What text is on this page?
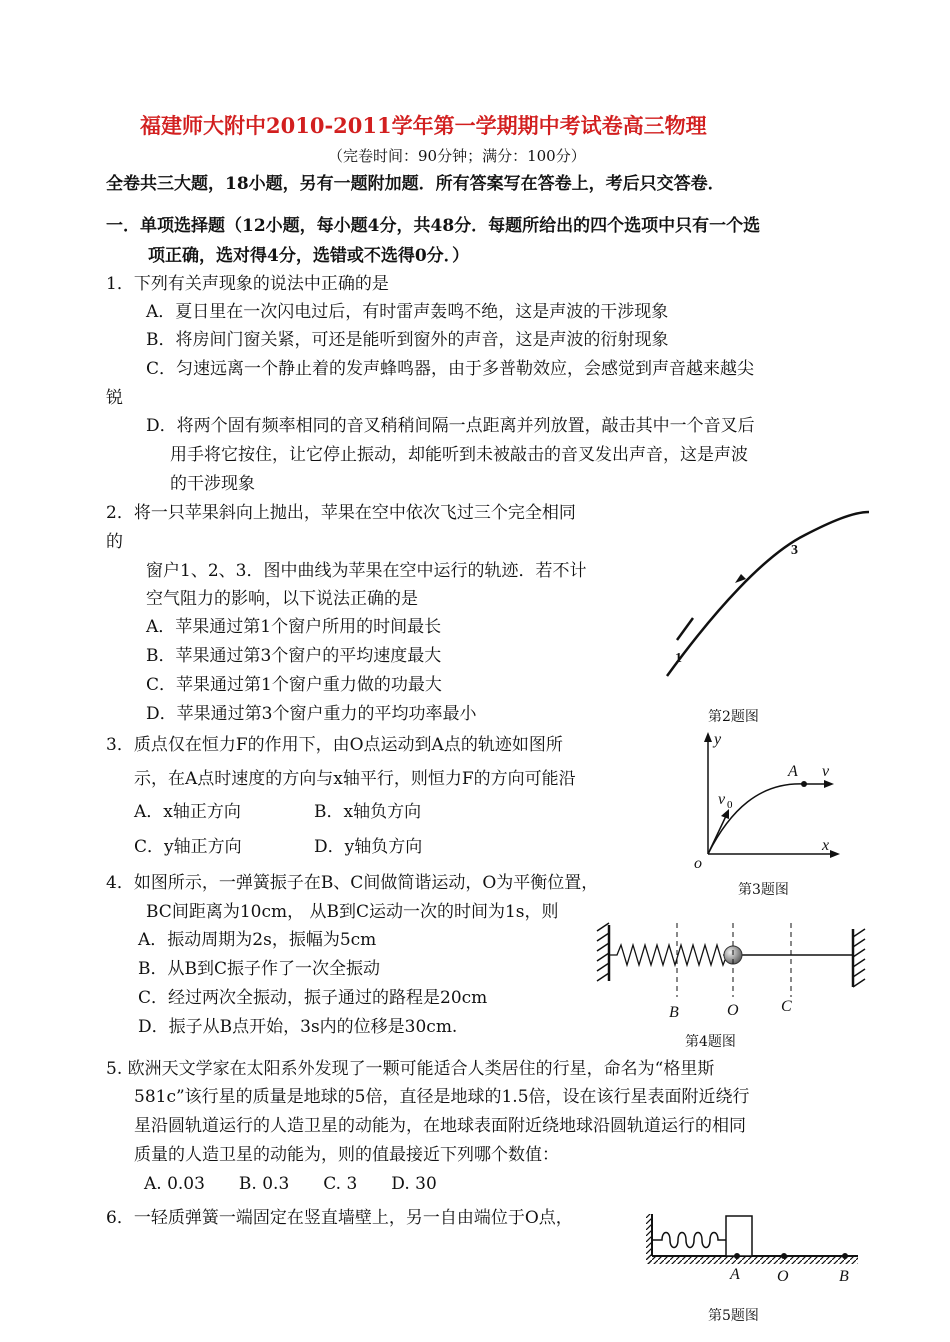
福建师大附中2010-2011学年第一学期期中考试卷高三物理
（完卷时间：90分钟；满分：100分）
全卷共三大题，18小题，另有一题附加题．所有答案写在答卷上，考后只交答卷．
一．单项选择题（12小题，每小题4分，共48分．每题所给出的四个选项中只有一个选
项正确，选对得4分，选错或不选得0分．）
1．下列有关声现象的说法中正确的是
A．夏日里在一次闪电过后，有时雷声轰鸣不绝，这是声波的干涉现象
B．将房间门窗关紧，可还是能听到窗外的声音，这是声波的衍射现象
C．匀速远离一个静止着的发声蜂鸣器，由于多普勒效应，会感觉到声音越来越尖
锐
D．将两个固有频率相同的音叉稍稍间隔一点距离并列放置，敲击其中一个音叉后
用手将它按住，让它停止振动，却能听到未被敲击的音叉发出声音，这是声波
的干涉现象
2．将一只苹果斜向上抛出，苹果在空中依次飞过三个完全相同
的
窗户1、2、3．图中曲线为苹果在空中运行的轨迹．若不计
空气阻力的影响，以下说法正确的是
A．苹果通过第1个窗户所用的时间最长
B．苹果通过第3个窗户的平均速度最大
C．苹果通过第1个窗户重力做的功最大
D．苹果通过第3个窗户重力的平均功率最小
1
3
第2题图
3．质点仅在恒力F的作用下，由O点运动到A点的轨迹如图所
示，在A点时速度的方向与x轴平行，则恒力F的方向可能沿
A．x轴正方向	B．x轴负方向
C．y轴正方向	D．y轴负方向
y
x
o
A v
v 0
第3题图
4．如图所示，一弹簧振子在B、C间做简谐运动，O为平衡位置，
BC间距离为10cm， 从B到C运动一次的时间为1s，则
A．振动周期为2s，振幅为5cm
B．从B到C振子作了一次全振动
C．经过两次全振动，振子通过的路程是20cm
D．振子从B点开始，3s内的位移是30cm.
B	O	C
第4题图
5. 欧洲天文学家在太阳系外发现了一颗可能适合人类居住的行星，命名为“格里斯
581c”该行星的质量是地球的5倍，直径是地球的1.5倍，设在该行星表面附近绕行
星沿圆轨道运行的人造卫星的动能为，在地球表面附近绕地球沿圆轨道运行的相同
质量的人造卫星的动能为，则的值最接近下列哪个数值：
A. 0.03　　B. 0.3　　C. 3　　D. 30
6．一轻质弹簧一端固定在竖直墙壁上，另一自由端位于O点，
A O	B
第5题图
